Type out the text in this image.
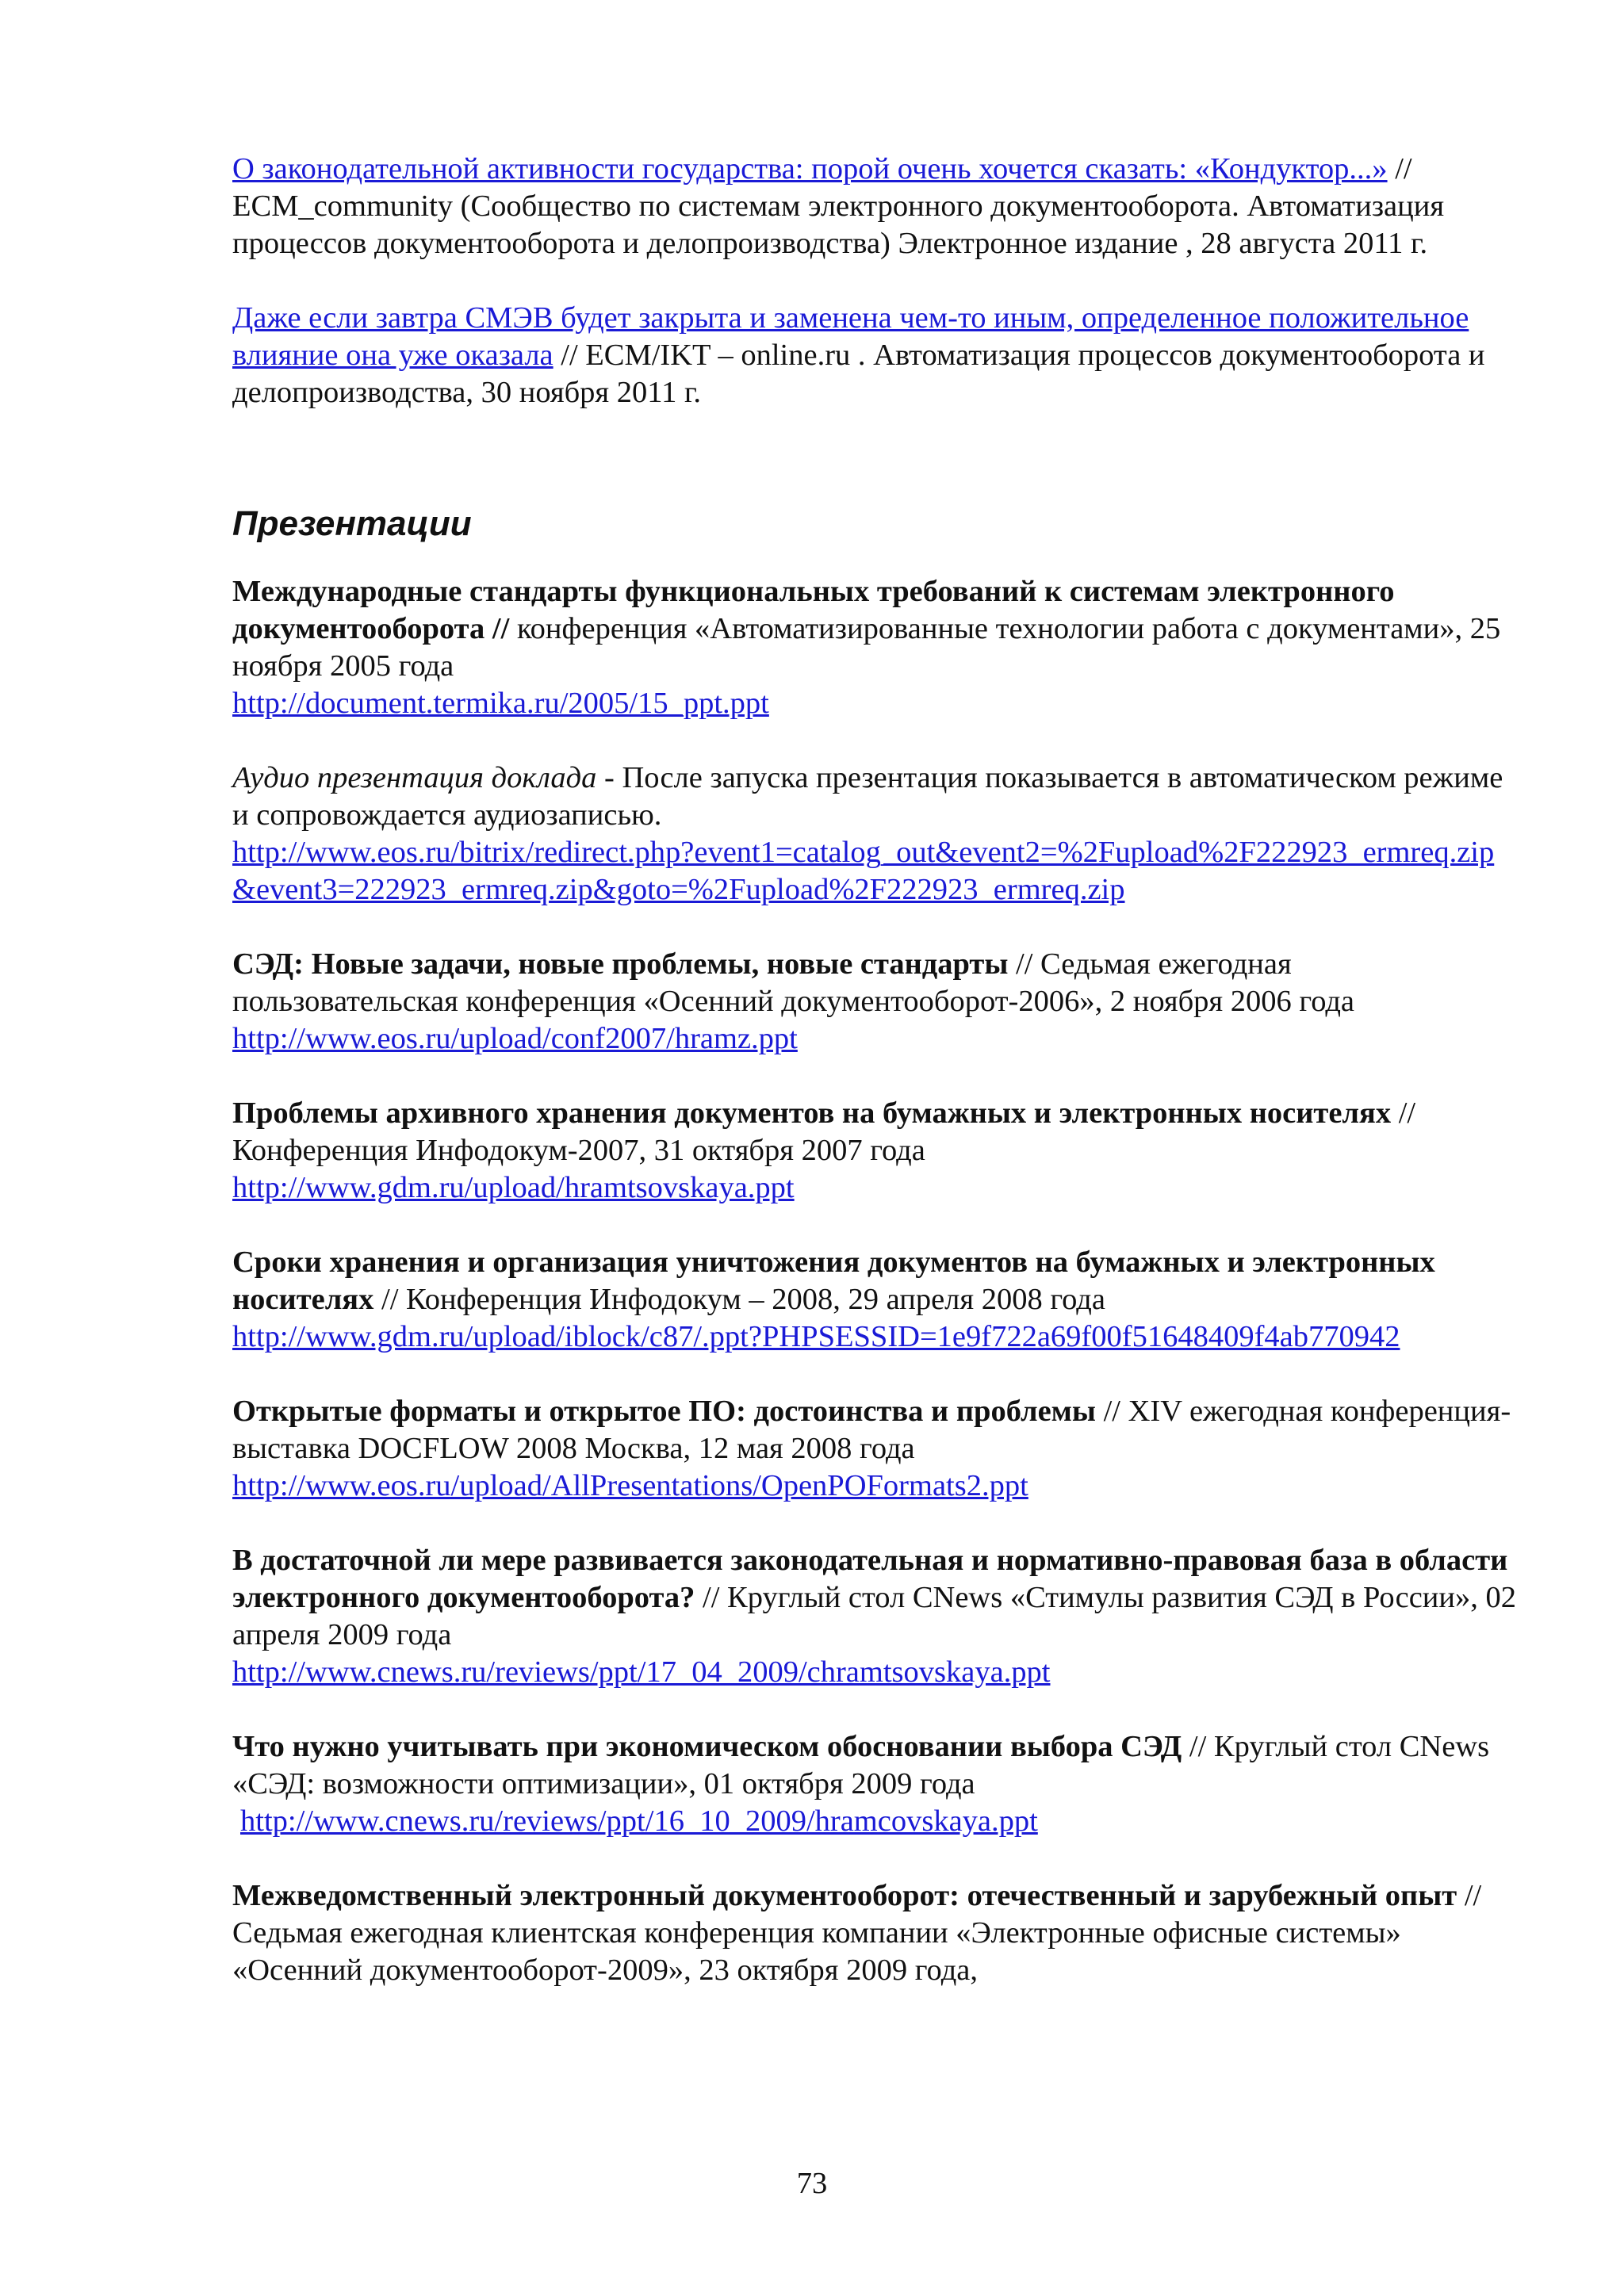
О законодательной активности государства: порой очень хочется сказать: «Кондуктор...» // ECM_community (Сообщество по системам электронного документооборота. Автоматизация процессов документооборота и делопроизводства) Электронное издание , 28 августа 2011 г.

Даже если завтра СМЭВ будет закрыта и заменена чем-то иным, определенное положительное влияние она уже оказала // ECM/IKT – online.ru . Автоматизация процессов документооборота и делопроизводства, 30 ноября 2011 г.

Презентации

Международные стандарты функциональных требований к системам электронного документооборота // конференция «Автоматизированные технологии работа с документами», 25 ноября 2005 года
http://document.termika.ru/2005/15_ppt.ppt

Аудио презентация доклада - После запуска презентация показывается в автоматическом режиме и сопровождается аудиозаписью.
http://www.eos.ru/bitrix/redirect.php?event1=catalog_out&event2=%2Fupload%2F222923_ermreq.zip&event3=222923_ermreq.zip&goto=%2Fupload%2F222923_ermreq.zip

СЭД: Новые задачи, новые проблемы, новые стандарты // Седьмая ежегодная пользовательская конференция «Осенний документооборот-2006», 2 ноября 2006 года
http://www.eos.ru/upload/conf2007/hramz.ppt

Проблемы архивного хранения документов на бумажных и электронных носителях // Конференция Инфодокум-2007, 31 октября 2007 года
http://www.gdm.ru/upload/hramtsovskaya.ppt

Сроки хранения и организация уничтожения документов на бумажных и электронных носителях // Конференция Инфодокум – 2008, 29 апреля 2008 года
http://www.gdm.ru/upload/iblock/c87/.ppt?PHPSESSID=1e9f722a69f00f51648409f4ab770942

Открытые форматы и открытое ПО: достоинства и проблемы // XIV ежегодная конференция-выставка DOCFLOW 2008 Москва, 12 мая 2008 года
http://www.eos.ru/upload/AllPresentations/OpenPOFormats2.ppt

В достаточной ли мере развивается законодательная и нормативно-правовая база в области электронного документооборота? // Круглый стол CNews «Стимулы развития СЭД в России», 02 апреля 2009 года
http://www.cnews.ru/reviews/ppt/17_04_2009/chramtsovskaya.ppt

Что нужно учитывать при экономическом обосновании выбора СЭД // Круглый стол CNews «СЭД: возможности оптимизации», 01 октября 2009 года
http://www.cnews.ru/reviews/ppt/16_10_2009/hramcovskaya.ppt

Межведомственный электронный документооборот: отечественный и зарубежный опыт // Седьмая ежегодная клиентская конференция компании «Электронные офисные системы» «Осенний документооборот-2009», 23 октября 2009 года,

73
